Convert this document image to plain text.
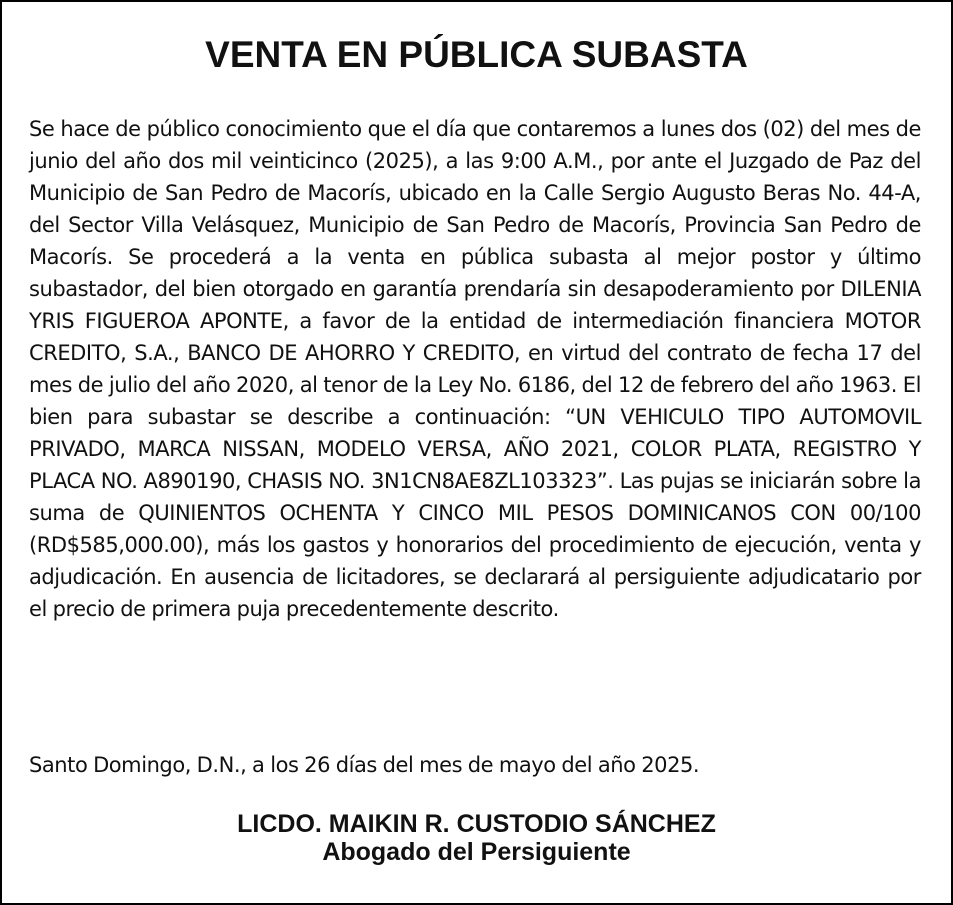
VENTA EN PÚBLICA SUBASTA

Se hace de público conocimiento que el día que contaremos a lunes dos (02) del mes de junio del año dos mil veinticinco (2025), a las 9:00 A.M., por ante el Juzgado de Paz del Municipio de San Pedro de Macorís, ubicado en la Calle Sergio Augusto Beras No. 44-A, del Sector Villa Velásquez, Municipio de San Pedro de Macorís, Provincia San Pedro de Macorís. Se procederá a la venta en pública subasta al mejor postor y último subastador, del bien otorgado en garantía prendaría sin desapoderamiento por DILENIA YRIS FIGUEROA APONTE, a favor de la entidad de intermediación financiera MOTOR CREDITO, S.A., BANCO DE AHORRO Y CREDITO, en virtud del contrato de fecha 17 del mes de julio del año 2020, al tenor de la Ley No. 6186, del 12 de febrero del año 1963. El bien para subastar se describe a continuación: “UN VEHICULO TIPO AUTOMOVIL PRIVADO, MARCA NISSAN, MODELO VERSA, AÑO 2021, COLOR PLATA, REGISTRO Y PLACA NO. A890190, CHASIS NO. 3N1CN8AE8ZL103323”. Las pujas se iniciarán sobre la suma de QUINIENTOS OCHENTA Y CINCO MIL PESOS DOMINICANOS CON 00/100 (RD$585,000.00), más los gastos y honorarios del procedimiento de ejecución, venta y adjudicación. En ausencia de licitadores, se declarará al persiguiente adjudicatario por el precio de primera puja precedentemente descrito.

Santo Domingo, D.N., a los 26 días del mes de mayo del año 2025.

LICDO. MAIKIN R. CUSTODIO SÁNCHEZ
Abogado del Persiguiente
